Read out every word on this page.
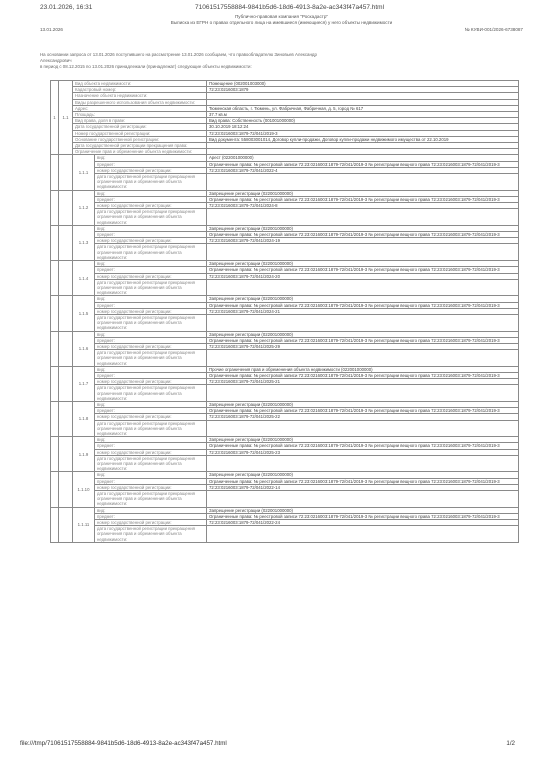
23.01.2026, 16:31	71061517558884-9841b5d6-18d6-4913-8a2e-ac343f47a457.html
Публично-правовая компания "Роскадастр"
Выписка из ЕГРН о правах отдельного лица на имевшиеся (имеющиеся) у него объекты недвижимости
13.01.2026	№ КУВИ-001/2026-6738087
На основании запроса от 13.01.2026 поступившего на рассмотрение 13.01.2026 сообщаем, что правообладателю Зиновьев Александр
Александрович
в период с 08.12.2015 по 13.01.2026 принадлежали (принадлежат) следующие объекты недвижимости:
1	1.1	Вид объекта недвижимости:		Помещение (002001003000)
		Кадастровый номер:		72:23:0216003:1879
		Назначение объекта недвижимости:		
		Виды разрешенного использования объекта недвижимости:		
		Адрес:		Тюменская область, г. Тюмень, ул. Фабричная, Фабричная, д. 5, город № 617
		Площадь:		37.7 кв.м
		Вид права, доля в праве:		Вид права: Собственность (001001000000)
		Дата государственной регистрации:		30.10.2019 18:12:24
		Номер государственной регистрации:		72:23:0216003:1879-72/041/2019-3
		Основание государственной регистрации:		Вид документа: 558003001014, Договор купли-продажи, Договор купли-продажи недвижимого имущества от 22.10.2019
		Дата государственной регистрации прекращения права:		
		Ограничение прав и обременение объекта недвижимости:		
		1.1.1	вид:	Арест (022001000000)
			предмет:	Ограниченные права: № реестровой записи 72:23:0216003:1879-72/041/2019-3 № регистрации вещного права 72:23:0216003:1879-72/041/2019-3
			номер государственной регистрации:	72:23:0216003:1879-72/041/2022-4
			дата государственной регистрации прекращения ограничения прав и обременения объекта недвижимости:	
		1.1.2	вид:	Запрещение регистрации (022001000000)
			предмет:	Ограниченные права: № реестровой записи 72:23:0216003:1879-72/041/2019-3 № регистрации вещного права 72:23:0216003:1879-72/041/2019-3
			номер государственной регистрации:	72:23:0216003:1879-72/041/2024-8
			дата государственной регистрации прекращения ограничения прав и обременения объекта недвижимости:	
		1.1.3	вид:	Запрещение регистрации (022001000000)
			предмет:	Ограниченные права: № реестровой записи 72:23:0216003:1879-72/041/2019-3 № регистрации вещного права 72:23:0216003:1879-72/041/2019-3
			номер государственной регистрации:	72:23:0216003:1879-72/041/2024-19
			дата государственной регистрации прекращения ограничения прав и обременения объекта недвижимости:	
		1.1.4	вид:	Запрещение регистрации (022001000000)
			предмет:	Ограниченные права: № реестровой записи 72:23:0216003:1879-72/041/2019-3 № регистрации вещного права 72:23:0216003:1879-72/041/2019-3
			номер государственной регистрации:	72:23:0216003:1879-72/041/2024-20
			дата государственной регистрации прекращения ограничения прав и обременения объекта недвижимости:	
		1.1.5	вид:	Запрещение регистрации (022001000000)
			предмет:	Ограниченные права: № реестровой записи 72:23:0216003:1879-72/041/2019-3 № регистрации вещного права 72:23:0216003:1879-72/041/2019-3
			номер государственной регистрации:	72:23:0216003:1879-72/041/2024-21
			дата государственной регистрации прекращения ограничения прав и обременения объекта недвижимости:	
		1.1.6	вид:	Запрещение регистрации (022001000000)
			предмет:	Ограниченные права: № реестровой записи 72:23:0216003:1879-72/041/2019-3 № регистрации вещного права 72:23:0216003:1879-72/041/2019-3
			номер государственной регистрации:	72:23:0216003:1879-72/041/2025-29
			дата государственной регистрации прекращения ограничения прав и обременения объекта недвижимости:	
		1.1.7	вид:	Прочие ограничения прав и обременения объекта недвижимости (022001000000)
			предмет:	Ограниченные права: № реестровой записи 72:23:0216003:1879-72/041/2019-3 № регистрации вещного права 72:23:0216003:1879-72/041/2019-3
			номер государственной регистрации:	72:23:0216003:1879-72/041/2025-21
			дата государственной регистрации прекращения ограничения прав и обременения объекта недвижимости:	
		1.1.8	вид:	Запрещение регистрации (022001000000)
			предмет:	Ограниченные права: № реестровой записи 72:23:0216003:1879-72/041/2019-3 № регистрации вещного права 72:23:0216003:1879-72/041/2019-3
			номер государственной регистрации:	72:23:0216003:1879-72/041/2025-22
			дата государственной регистрации прекращения ограничения прав и обременения объекта недвижимости:	
		1.1.9	вид:	Запрещение регистрации (022001000000)
			предмет:	Ограниченные права: № реестровой записи 72:23:0216003:1879-72/041/2019-3 № регистрации вещного права 72:23:0216003:1879-72/041/2019-3
			номер государственной регистрации:	72:23:0216003:1879-72/041/2025-23
			дата государственной регистрации прекращения ограничения прав и обременения объекта недвижимости:	
		1.1.10	вид:	Запрещение регистрации (022001000000)
			предмет:	Ограниченные права: № реестровой записи 72:23:0216003:1879-72/041/2019-3 № регистрации вещного права 72:23:0216003:1879-72/041/2019-3
			номер государственной регистрации:	72:23:0216003:1879-72/041/2022-14
			дата государственной регистрации прекращения ограничения прав и обременения объекта недвижимости:	
		1.1.11	вид:	Запрещение регистрации (022001000000)
			предмет:	Ограниченные права: № реестровой записи 72:23:0216003:1879-72/041/2019-3 № регистрации вещного права 72:23:0216003:1879-72/041/2019-3
			номер государственной регистрации:	72:23:0216003:1879-72/041/2022-24
			дата государственной регистрации прекращения ограничения прав и обременения объекта недвижимости:	
file:///tmp/71061517558884-9841b5d6-18d6-4913-8a2e-ac343f47a457.html	1/2
